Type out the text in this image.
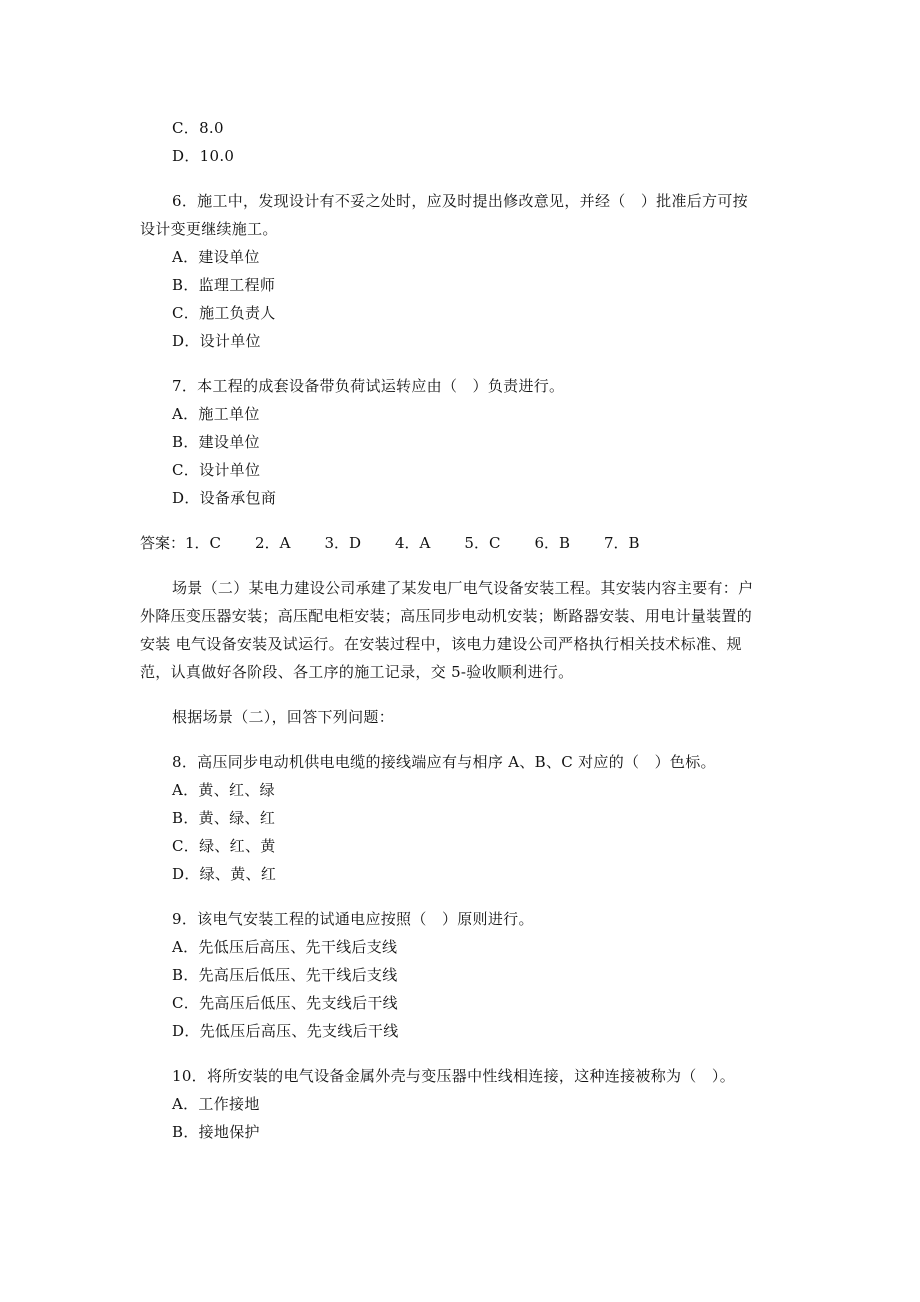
C．8.0
D．10.0
6．施工中，发现设计有不妥之处时，应及时提出修改意见，并经（　）批准后方可按
设计变更继续施工。
A．建设单位
B．监理工程师
C．施工负责人
D．设计单位
7．本工程的成套设备带负荷试运转应由（　）负责进行。
A．施工单位
B．建设单位
C．设计单位
D．设备承包商
答案：1．C 2．A 3．D 4．A 5．C 6．B 7．B
场景（二）某电力建设公司承建了某发电厂电气设备安装工程。其安装内容主要有：户
外降压变压器安装；高压配电柜安装；高压同步电动机安装；断路器安装、用电计量装置的
安装 电气设备安装及试运行。在安装过程中，该电力建设公司严格执行相关技术标准、规
范，认真做好各阶段、各工序的施工记录，交 5-验收顺利进行。
根据场景（二），回答下列问题：
8．高压同步电动机供电电缆的接线端应有与相序 A、B、C 对应的（　）色标。
A．黄、红、绿
B．黄、绿、红
C．绿、红、黄
D．绿、黄、红
9．该电气安装工程的试通电应按照（　）原则进行。
A．先低压后高压、先干线后支线
B．先高压后低压、先干线后支线
C．先高压后低压、先支线后干线
D．先低压后高压、先支线后干线
10．将所安装的电气设备金属外壳与变压器中性线相连接，这种连接被称为（　）。
A．工作接地
B．接地保护
